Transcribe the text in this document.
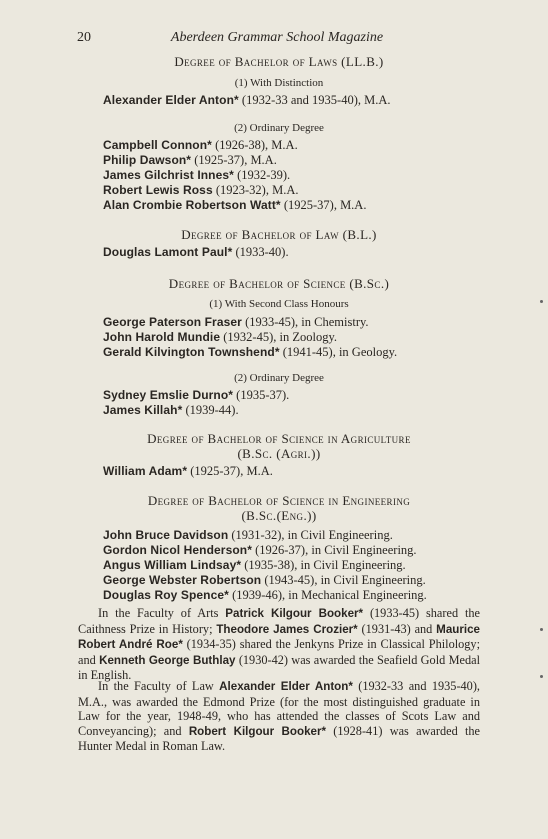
20	Aberdeen Grammar School Magazine

Degree of Bachelor of Laws (LL.B.)

(1) With Distinction

Alexander Elder Anton* (1932-33 and 1935-40), M.A.

(2) Ordinary Degree

Campbell Connon* (1926-38), M.A.

Philip Dawson* (1925-37), M.A.

James Gilchrist Innes* (1932-39).

Robert Lewis Ross (1923-32), M.A.

Alan Crombie Robertson Watt* (1925-37), M.A.

Degree of Bachelor of Law (B.L.)

Douglas Lamont Paul* (1933-40).

Degree of Bachelor of Science (B.Sc.)

(1) With Second Class Honours

George Paterson Fraser (1933-45), in Chemistry.

John Harold Mundie (1932-45), in Zoology.

Gerald Kilvington Townshend* (1941-45), in Geology.

(2) Ordinary Degree

Sydney Emslie Durno* (1935-37).

James Killah* (1939-44).

Degree of Bachelor of Science in Agriculture

(B.Sc. (Agri.))

William Adam* (1925-37), M.A.

Degree of Bachelor of Science in Engineering

(B.Sc.(Eng.))

John Bruce Davidson (1931-32), in Civil Engineering.

Gordon Nicol Henderson* (1926-37), in Civil Engineering.

Angus William Lindsay* (1935-38), in Civil Engineering.

George Webster Robertson (1943-45), in Civil Engineering.

Douglas Roy Spence* (1939-46), in Mechanical Engineering.

In the Faculty of Arts Patrick Kilgour Booker* (1933-45) shared the Caithness Prize in History; Theodore James Crozier* (1931-43) and Maurice Robert André Roe* (1934-35) shared the Jenkyns Prize in Classical Philology; and Kenneth George Buthlay (1930-42) was awarded the Seafield Gold Medal in English.

In the Faculty of Law Alexander Elder Anton* (1932-33 and 1935-40), M.A., was awarded the Edmond Prize (for the most distinguished graduate in Law for the year, 1948-49, who has attended the classes of Scots Law and Conveyancing); and Robert Kilgour Booker* (1928-41) was awarded the Hunter Medal in Roman Law.
